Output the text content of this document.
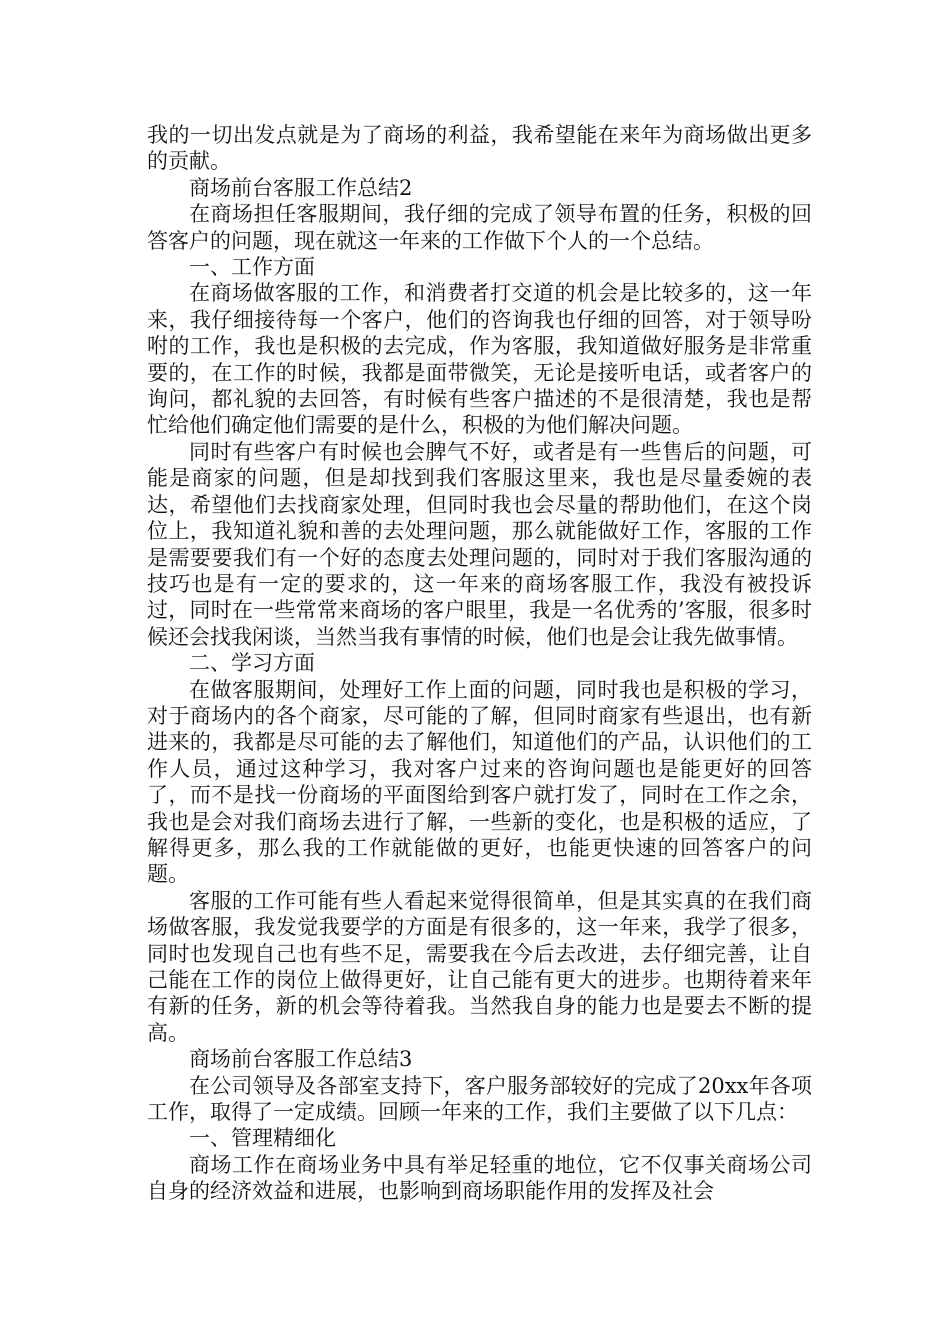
我的一切出发点就是为了商场的利益，我希望能在来年为商场做出更多的贡献。

商场前台客服工作总结2

在商场担任客服期间，我仔细的完成了领导布置的任务，积极的回答客户的问题，现在就这一年来的工作做下个人的一个总结。

一、工作方面

在商场做客服的工作，和消费者打交道的机会是比较多的，这一年来，我仔细接待每一个客户，他们的咨询我也仔细的回答，对于领导吩咐的工作，我也是积极的去完成，作为客服，我知道做好服务是非常重要的，在工作的时候，我都是面带微笑，无论是接听电话，或者客户的询问，都礼貌的去回答，有时候有些客户描述的不是很清楚，我也是帮忙给他们确定他们需要的是什么，积极的为他们解决问题。

同时有些客户有时候也会脾气不好，或者是有一些售后的问题，可能是商家的问题，但是却找到我们客服这里来，我也是尽量委婉的表达，希望他们去找商家处理，但同时我也会尽量的帮助他们，在这个岗位上，我知道礼貌和善的去处理问题，那么就能做好工作，客服的工作是需要要我们有一个好的态度去处理问题的，同时对于我们客服沟通的技巧也是有一定的要求的，这一年来的商场客服工作，我没有被投诉过，同时在一些常常来商场的客户眼里，我是一名优秀的’客服，很多时候还会找我闲谈，当然当我有事情的时候，他们也是会让我先做事情。

二、学习方面

在做客服期间，处理好工作上面的问题，同时我也是积极的学习，对于商场内的各个商家，尽可能的了解，但同时商家有些退出，也有新进来的，我都是尽可能的去了解他们，知道他们的产品，认识他们的工作人员，通过这种学习，我对客户过来的咨询问题也是能更好的回答了，而不是找一份商场的平面图给到客户就打发了，同时在工作之余，我也是会对我们商场去进行了解，一些新的变化，也是积极的适应，了解得更多，那么我的工作就能做的更好，也能更快速的回答客户的问题。

客服的工作可能有些人看起来觉得很简单，但是其实真的在我们商场做客服，我发觉我要学的方面是有很多的，这一年来，我学了很多，同时也发现自己也有些不足，需要我在今后去改进，去仔细完善，让自己能在工作的岗位上做得更好，让自己能有更大的进步。也期待着来年有新的任务，新的机会等待着我。当然我自身的能力也是要去不断的提高。

商场前台客服工作总结3

在公司领导及各部室支持下，客户服务部较好的完成了20xx年各项工作，取得了一定成绩。回顾一年来的工作，我们主要做了以下几点：

一、管理精细化

商场工作在商场业务中具有举足轻重的地位，它不仅事关商场公司自身的经济效益和进展，也影响到商场职能作用的发挥及社会
